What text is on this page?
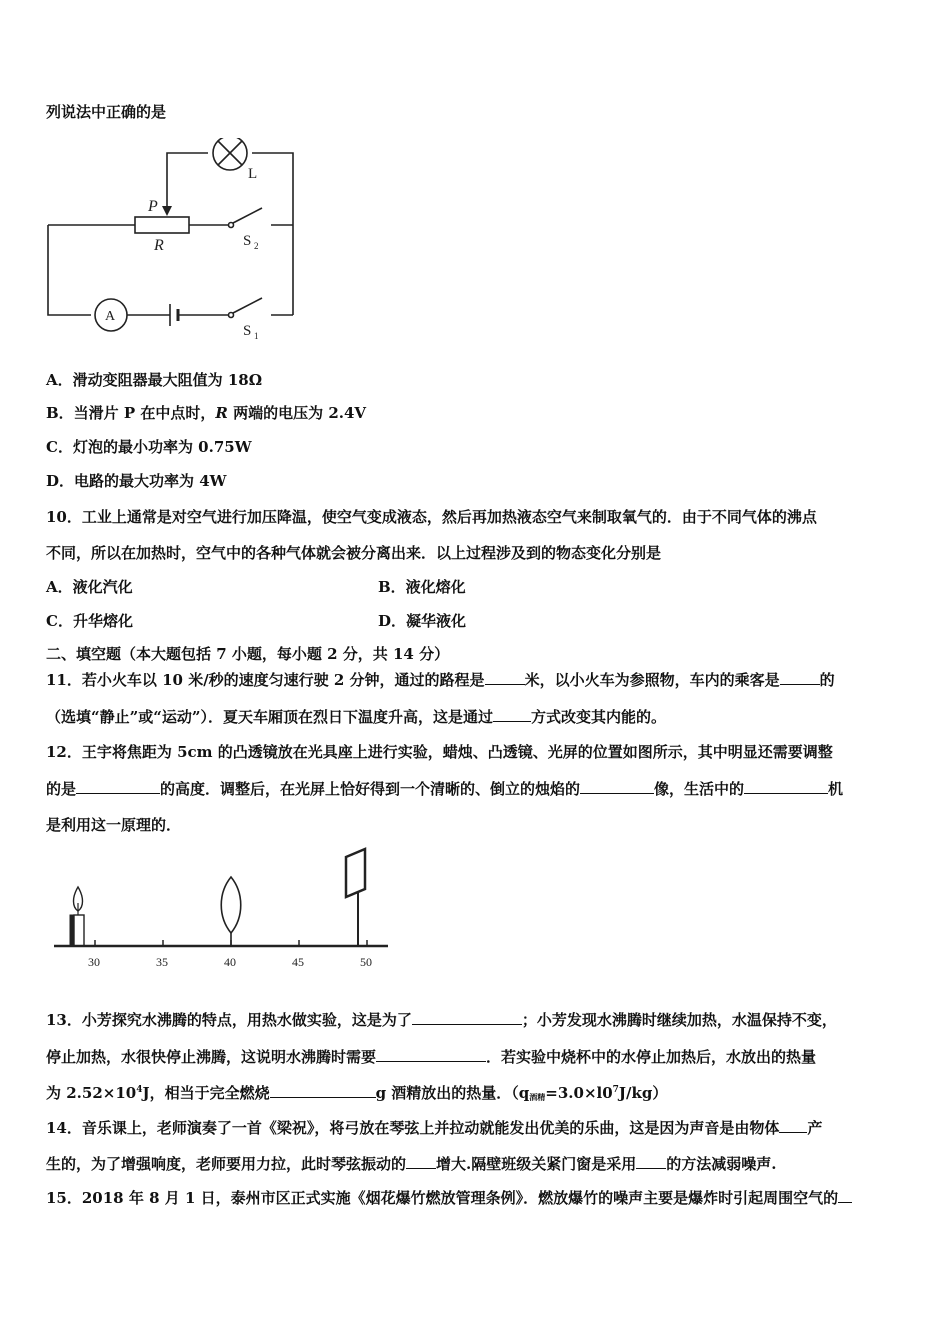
列说法中正确的是
L
P
R	S 2
S 1
A
A．滑动变阻器最大阻值为 18Ω
B．当滑片 P 在中点时，R 两端的电压为 2.4V
C．灯泡的最小功率为 0.75W
D．电路的最大功率为 4W
10．工业上通常是对空气进行加压降温，使空气变成液态，然后再加热液态空气来制取氧气的．由于不同气体的沸点
不同，所以在加热时，空气中的各种气体就会被分离出来．以上过程涉及到的物态变化分别是
A．液化汽化	B．液化熔化
C．升华熔化	D．凝华液化
二、填空题（本大题包括 7 小题，每小题 2 分，共 14 分）
11．若小火车以 10 米/秒的速度匀速行驶 2 分钟，通过的路程是	米，以小火车为参照物，车内的乘客是	的
（选填“静止”或“运动”）．夏天车厢顶在烈日下温度升高，这是通过	方式改变其内能的。
12．王宇将焦距为 5cm 的凸透镜放在光具座上进行实验，蜡烛、凸透镜、光屏的位置如图所示，其中明显还需要调整
的是	的高度．调整后，在光屏上恰好得到一个清晰的、倒立的烛焰的	像，生活中的	机
是利用这一原理的．
30	35	40	45	50
13．小芳探究水沸腾的特点，用热水做实验，这是为了	；小芳发现水沸腾时继续加热，水温保持不变，
停止加热，水很快停止沸腾，这说明水沸腾时需要	．若实验中烧杯中的水停止加热后，水放出的热量
为 $2.52\times 10^4J$，相当于完全燃烧	g 酒精放出的热量．$(q_{酒精}=3.0\times l0^7J/kg)$
14．音乐课上，老师演奏了一首《梁祝》，将弓放在琴弦上并拉动就能发出优美的乐曲，这是因为声音是由物体 产
生的，为了增强响度，老师要用力拉，此时琴弦振动的 增大.隔壁班级关紧门窗是采用 的方法减弱噪声.
15．2018 年 8 月 1 日，泰州市区正式实施《烟花爆竹燃放管理条例》．燃放爆竹的噪声主要是爆炸时引起周围空气的
